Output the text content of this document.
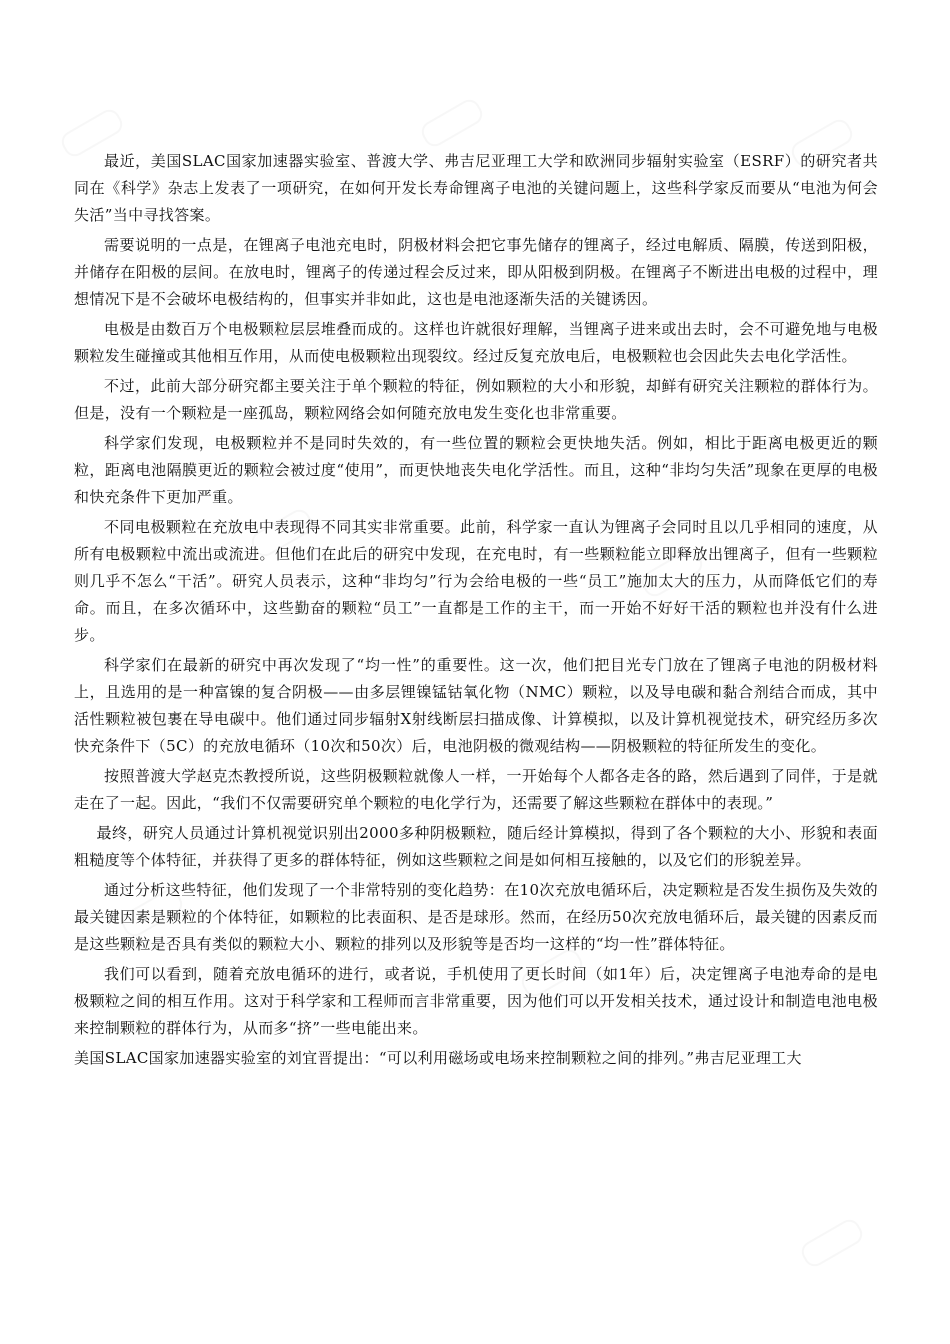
最近，美国SLAC国家加速器实验室、普渡大学、弗吉尼亚理工大学和欧洲同步辐射实验室（ESRF）的研究者共同在《科学》杂志上发表了一项研究，在如何开发长寿命锂离子电池的关键问题上，这些科学家反而要从“电池为何会失活”当中寻找答案。

需要说明的一点是，在锂离子电池充电时，阴极材料会把它事先储存的锂离子，经过电解质、隔膜，传送到阳极，并储存在阳极的层间。在放电时，锂离子的传递过程会反过来，即从阳极到阴极。在锂离子不断进出电极的过程中，理想情况下是不会破坏电极结构的，但事实并非如此，这也是电池逐渐失活的关键诱因。

电极是由数百万个电极颗粒层层堆叠而成的。这样也许就很好理解，当锂离子进来或出去时，会不可避免地与电极颗粒发生碰撞或其他相互作用，从而使电极颗粒出现裂纹。经过反复充放电后，电极颗粒也会因此失去电化学活性。

不过，此前大部分研究都主要关注于单个颗粒的特征，例如颗粒的大小和形貌，却鲜有研究关注颗粒的群体行为。但是，没有一个颗粒是一座孤岛，颗粒网络会如何随充放电发生变化也非常重要。

科学家们发现，电极颗粒并不是同时失效的，有一些位置的颗粒会更快地失活。例如，相比于距离电极更近的颗粒，距离电池隔膜更近的颗粒会被过度“使用”，而更快地丧失电化学活性。而且，这种“非均匀失活”现象在更厚的电极和快充条件下更加严重。

不同电极颗粒在充放电中表现得不同其实非常重要。此前，科学家一直认为锂离子会同时且以几乎相同的速度，从所有电极颗粒中流出或流进。但他们在此后的研究中发现，在充电时，有一些颗粒能立即释放出锂离子，但有一些颗粒则几乎不怎么“干活”。研究人员表示，这种“非均匀”行为会给电极的一些“员工”施加太大的压力，从而降低它们的寿命。而且，在多次循环中，这些勤奋的颗粒“员工”一直都是工作的主干，而一开始不好好干活的颗粒也并没有什么进步。

科学家们在最新的研究中再次发现了“均一性”的重要性。这一次，他们把目光专门放在了锂离子电池的阴极材料上，且选用的是一种富镍的复合阴极——由多层锂镍锰钴氧化物（NMC）颗粒，以及导电碳和黏合剂结合而成，其中活性颗粒被包裹在导电碳中。他们通过同步辐射X射线断层扫描成像、计算模拟，以及计算机视觉技术，研究经历多次快充条件下（5C）的充放电循环（10次和50次）后，电池阴极的微观结构——阴极颗粒的特征所发生的变化。

按照普渡大学赵克杰教授所说，这些阴极颗粒就像人一样，一开始每个人都各走各的路，然后遇到了同伴，于是就走在了一起。因此，“我们不仅需要研究单个颗粒的电化学行为，还需要了解这些颗粒在群体中的表现。”

最终，研究人员通过计算机视觉识别出2000多种阴极颗粒，随后经计算模拟，得到了各个颗粒的大小、形貌和表面粗糙度等个体特征，并获得了更多的群体特征，例如这些颗粒之间是如何相互接触的，以及它们的形貌差异。

通过分析这些特征，他们发现了一个非常特别的变化趋势：在10次充放电循环后，决定颗粒是否发生损伤及失效的最关键因素是颗粒的个体特征，如颗粒的比表面积、是否是球形。然而，在经历50次充放电循环后，最关键的因素反而是这些颗粒是否具有类似的颗粒大小、颗粒的排列以及形貌等是否均一这样的“均一性”群体特征。

我们可以看到，随着充放电循环的进行，或者说，手机使用了更长时间（如1年）后，决定锂离子电池寿命的是电极颗粒之间的相互作用。这对于科学家和工程师而言非常重要，因为他们可以开发相关技术，通过设计和制造电池电极来控制颗粒的群体行为，从而多“挤”一些电能出来。

美国SLAC国家加速器实验室的刘宜晋提出：“可以利用磁场或电场来控制颗粒之间的排列。”弗吉尼亚理工大
